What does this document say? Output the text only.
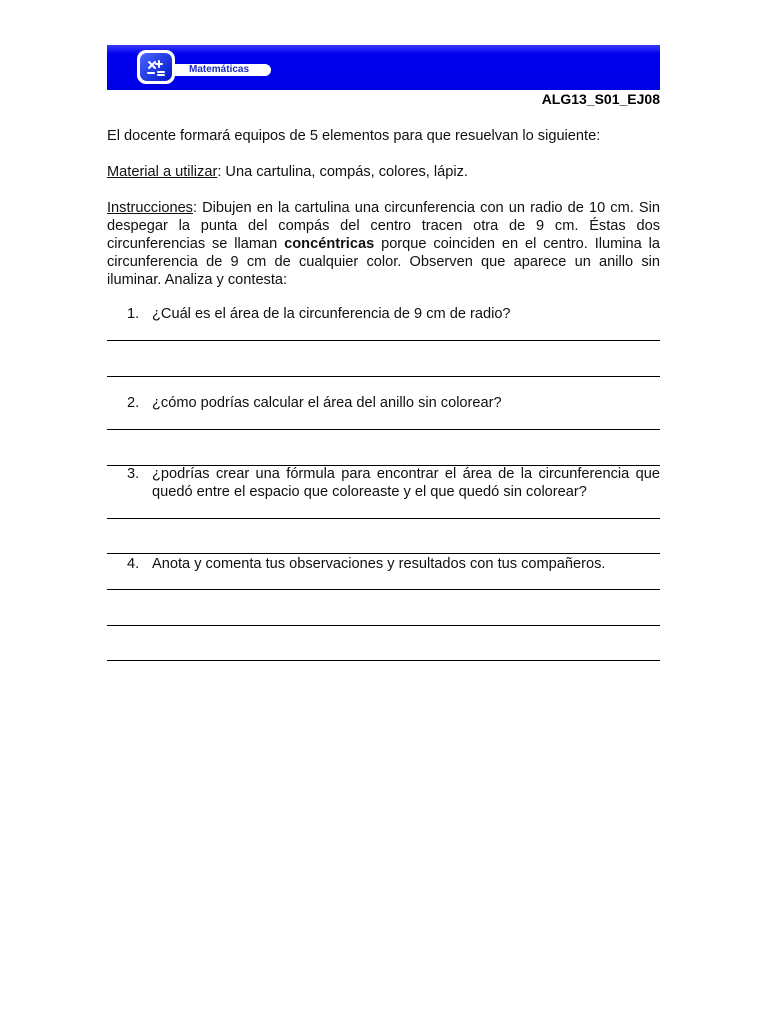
Matemáticas
ALG13_S01_EJ08

El docente formará equipos de 5 elementos para que resuelvan lo siguiente:

Material a utilizar: Una cartulina, compás, colores, lápiz.

Instrucciones: Dibujen en la cartulina una circunferencia con un radio de 10 cm. Sin despegar la punta del compás del centro tracen otra de 9 cm. Éstas dos circunferencias se llaman concéntricas porque coinciden en el centro. Ilumina la circunferencia de 9 cm de cualquier color. Observen que aparece un anillo sin iluminar. Analiza y contesta:

1. ¿Cuál es el área de la circunferencia de 9 cm de radio?

2. ¿cómo podrías calcular el área del anillo sin colorear?

3. ¿podrías crear una fórmula para encontrar el área de la circunferencia que quedó entre el espacio que coloreaste y el que quedó sin colorear?

4. Anota y comenta tus observaciones y resultados con tus compañeros.
